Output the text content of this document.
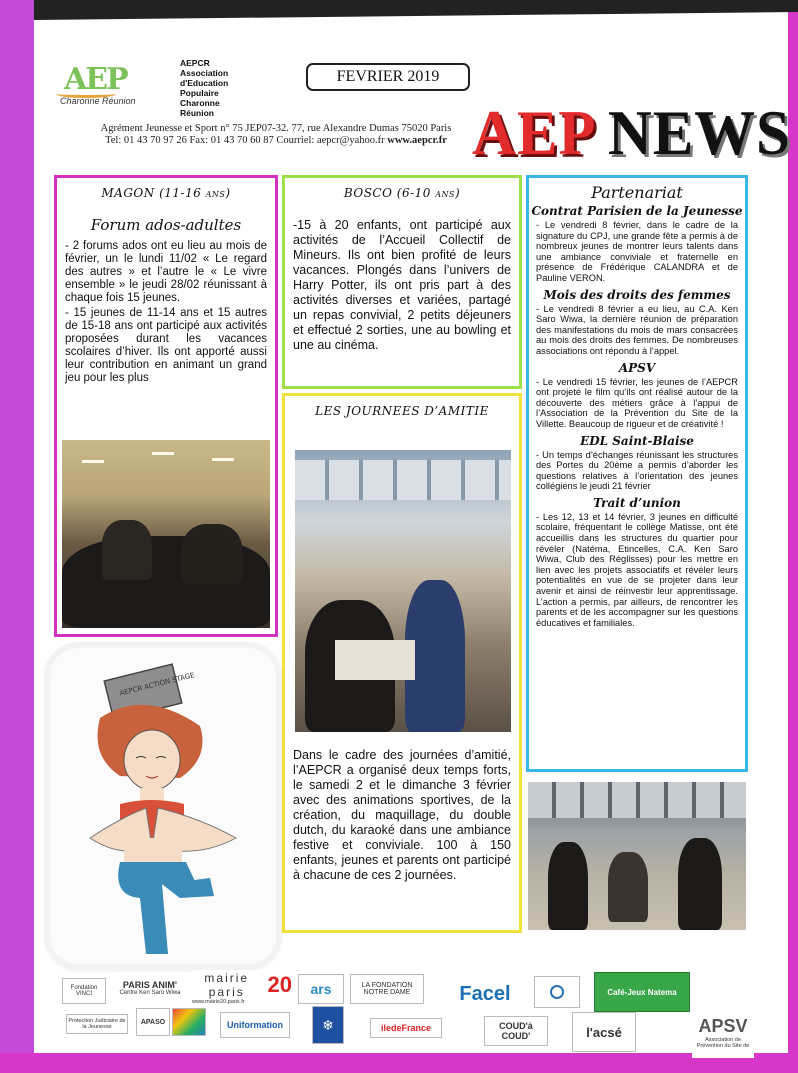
AEP
Charonne Réunion
AEPCR
Association
d'Education
Populaire
Charonne
Réunion
FEVRIER 2019
Agrément Jeunesse et Sport n° 75 JEP07-32. 77, rue Alexandre Dumas 75020 Paris
Tel: 01 43 70 97 26 Fax: 01 43 70 60 87 Courriel: aepcr@yahoo.fr www.aepcr.fr AEP NEWS
MAGON (11-16 ans)
Forum ados-adultes
- 2 forums ados ont eu lieu au mois de février, un le lundi 11/02 « Le regard des autres » et l’autre le « Le vivre ensemble » le jeudi 28/02 réunissant à chaque fois 15 jeunes.
- 15 jeunes de 11-14 ans et 15 autres de 15-18 ans ont participé aux activités proposées durant les vacances scolaires d’hiver. Ils ont apporté aussi leur contribution en animant un grand jeu pour les plus
BOSCO (6-10 ans)
-15 à 20 enfants, ont participé aux activités de l’Accueil Collectif de Mineurs. Ils ont bien profité de leurs vacances. Plongés dans l’univers de Harry Potter, ils ont pris part à des activités diverses et variées, partagé un repas convivial, 2 petits déjeuners et effectué 2 sorties, une au bowling et une au cinéma.
LES JOURNEES D’AMITIE
Dans le cadre des journées d’amitié, l’AEPCR a organisé deux temps forts, le samedi 2 et le dimanche 3 février avec des animations sportives, de la création, du maquillage, du double dutch, du karaoké dans une ambiance festive et conviviale. 100 à 150 enfants, jeunes et parents ont participé à chacune de ces 2 journées.
AEPCR ACTION STAGE
Partenariat
Contrat Parisien de la Jeunesse
- Le vendredi 8 février, dans le cadre de la signature du CPJ, une grande fête a permis à de nombreux jeunes de montrer leurs talents dans une ambiance conviviale et fraternelle en présence de Frédérique CALANDRA et de Pauline VERON.
Mois des droits des femmes
- Le vendredi 8 février a eu lieu, au C.A. Ken Saro Wiwa, la dernière réunion de préparation des manifestations du mois de mars consacrées au mois des droits des femmes. De nombreuses associations ont répondu à l’appel.
APSV
- Le vendredi 15 février, les jeunes de l’AEPCR ont projeté le film qu’ils ont réalisé autour de la découverte des métiers grâce à l’appui de l’Association de la Prévention du Site de la Villette. Beaucoup de rigueur et de créativité !
EDL Saint-Blaise
- Un temps d’échanges réunissant les structures des Portes du 20ème a permis d’aborder les questions relatives à l’orientation des jeunes collégiens le jeudi 21 février
Trait d’union
- Les 12, 13 et 14 février, 3 jeunes en difficulté scolaire, fréquentant le collège Matisse, ont été accueillis dans les structures du quartier pour révéler (Natéma, Etincelles, C.A. Ken Saro Wiwa, Club des Réglisses) pour les mettre en lien avec les projets associatifs et révéler leurs potentialités en vue de se projeter dans leur avenir et ainsi de réinvestir leur apprentissage. L’action a permis, par ailleurs, de rencontrer les parents et de les accompagner sur les questions éducatives et familiales.
Fondation VINCI
PARIS ANIM'
Centre Ken Saro Wiwa
mairie paris	20
www.mairie20.paris.fr
ars	LA FONDATION NOTRE DAME	Facel	Café-Jeux Natema
Protection Judiciaire de la Jeunesse
APASO	Uniformation	❄	iledeFrance	COUD'à COUD'	l'acsé	APSV
Association de Prévention du Site de
